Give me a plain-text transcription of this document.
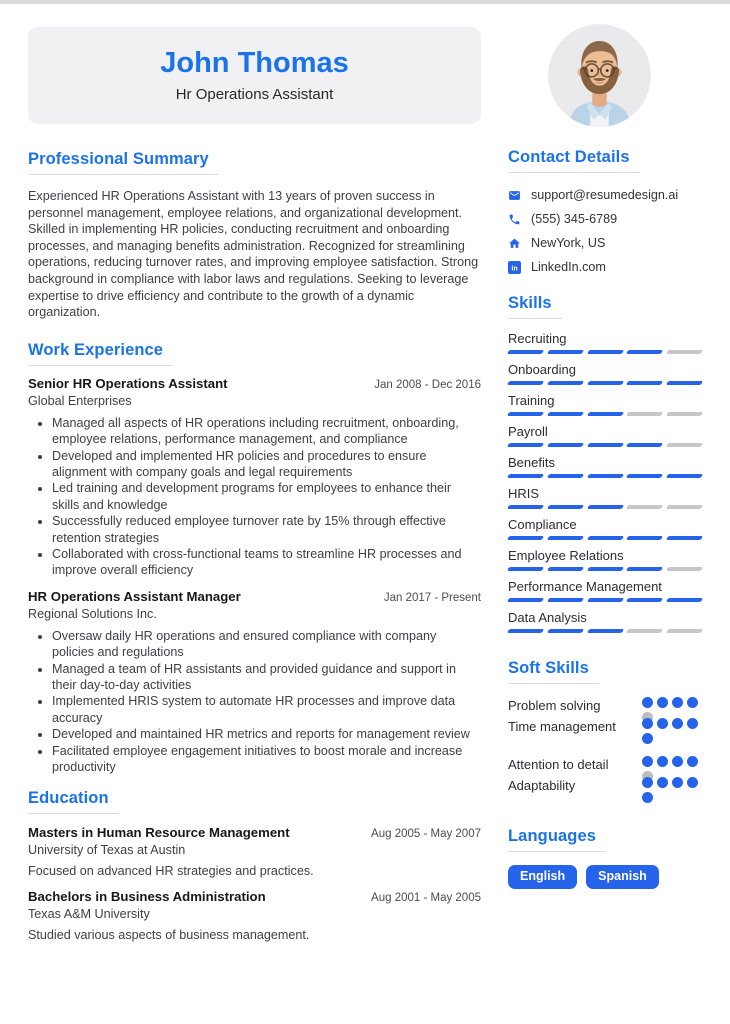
John Thomas
Hr Operations Assistant
Professional Summary

Experienced HR Operations Assistant with 13 years of proven success in personnel management, employee relations, and organizational development. Skilled in implementing HR policies, conducting recruitment and onboarding processes, and managing benefits administration. Recognized for streamlining operations, reducing turnover rates, and improving employee satisfaction. Strong background in compliance with labor laws and regulations. Seeking to leverage expertise to drive efficiency and contribute to the growth of a dynamic organization.

Work Experience
Senior HR Operations Assistant	Jan 2008 - Dec 2016
Global Enterprises
• Managed all aspects of HR operations including recruitment, onboarding, employee relations, performance management, and compliance
• Developed and implemented HR policies and procedures to ensure alignment with company goals and legal requirements
• Led training and development programs for employees to enhance their skills and knowledge
• Successfully reduced employee turnover rate by 15% through effective retention strategies
• Collaborated with cross-functional teams to streamline HR processes and improve overall efficiency
HR Operations Assistant Manager	Jan 2017 - Present
Regional Solutions Inc.
• Oversaw daily HR operations and ensured compliance with company policies and regulations
• Managed a team of HR assistants and provided guidance and support in their day-to-day activities
• Implemented HRIS system to automate HR processes and improve data accuracy
• Developed and maintained HR metrics and reports for management review
• Facilitated employee engagement initiatives to boost morale and increase productivity
Education
Masters in Human Resource Management	Aug 2005 - May 2007
University of Texas at Austin
Focused on advanced HR strategies and practices.
Bachelors in Business Administration	Aug 2001 - May 2005
Texas A&M University
Studied various aspects of business management.
Contact Details
support@resumedesign.ai
(555) 345-6789
NewYork, US
in LinkedIn.com
Skills
Recruiting
Onboarding
Training
Payroll
Benefits
HRIS
Compliance
Employee Relations
Performance Management
Data Analysis
Soft Skills
Problem solving
Time management
Attention to detail
Adaptability
Languages
English	Spanish
